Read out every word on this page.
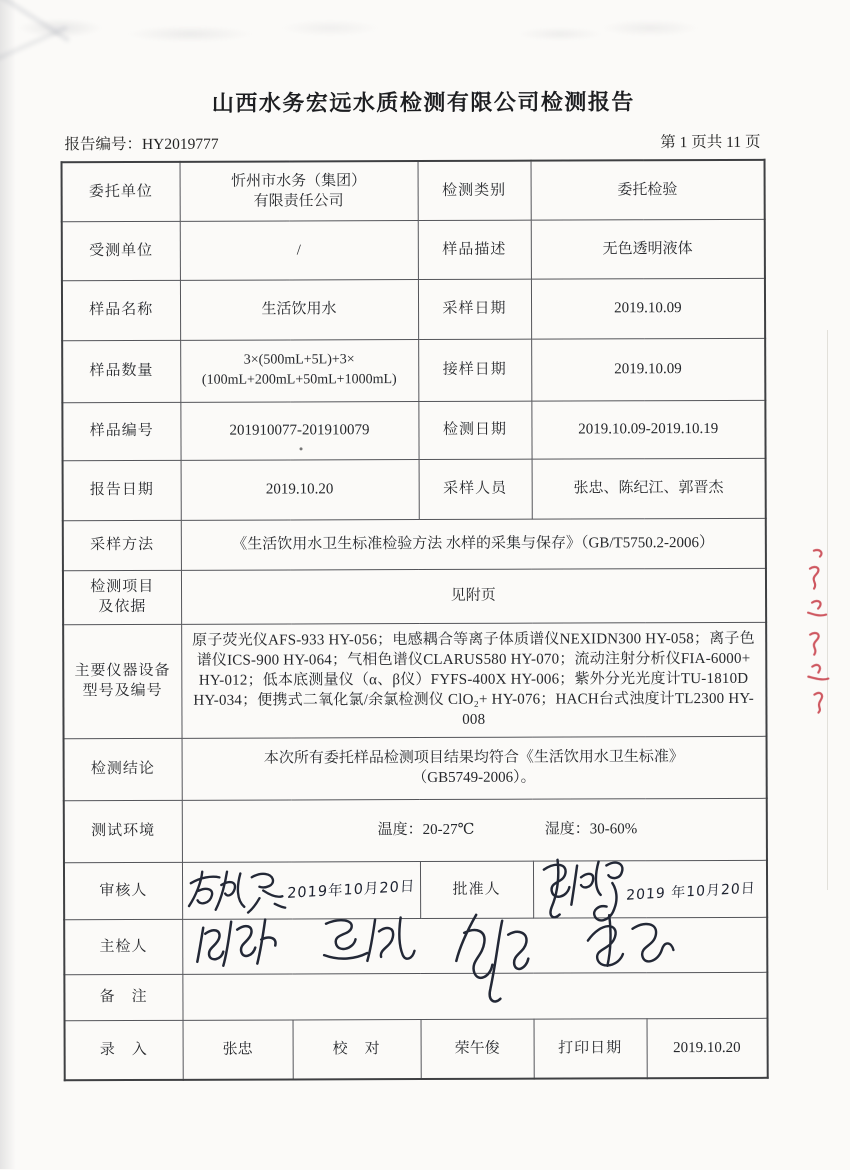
山西水务宏远水质检测有限公司检测报告
报告编号：HY2019777	第 1 页共 11 页
委托单位	忻州市水务（集团）
有限责任公司		检测类别	委托检验	
受测单位	/		样品描述	无色透明液体	
样品名称	生活饮用水		采样日期	2019.10.09	
样品数量	3×(500mL+5L)+3×
(100mL+200mL+50mL+1000mL)		接样日期	2019.10.09	
样品编号	201910077-201910079		检测日期	2019.10.09-2019.10.19	
报告日期	2019.10.20		采样人员	张忠、陈纪江、郭晋杰	
采样方法	《生活饮用水卫生标准检验方法 水样的采集与保存》（GB/T5750.2-2006）				
检测项目
及依据	见附页				
主要仪器设备
型号及编号	原子荧光仪AFS-933 HY-056；电感耦合等离子体质谱仪NEXIDN300 HY-058；离子色谱仪ICS-900 HY-064；气相色谱仪CLARUS580 HY-070；流动注射分析仪FIA-6000+ HY-012；低本底测量仪（α、β仪）FYFS-400X HY-006；紫外分光光度计TU-1810D HY-034；便携式二氧化氯/余氯检测仪 ClO₂+ HY-076；HACH台式浊度计TL2300 HY-008				
检测结论	本次所有委托样品检测项目结果均符合《生活饮用水卫生标准》
（GB5749-2006）。				
测试环境	温度：20-27℃ 湿度：30-60%				
审核人	2019年10月20日		批准人	2019 年10月20日	

主检人	

备　注					
录　入	张忠	校　对	荣午俊	打印日期	2019.10.20
